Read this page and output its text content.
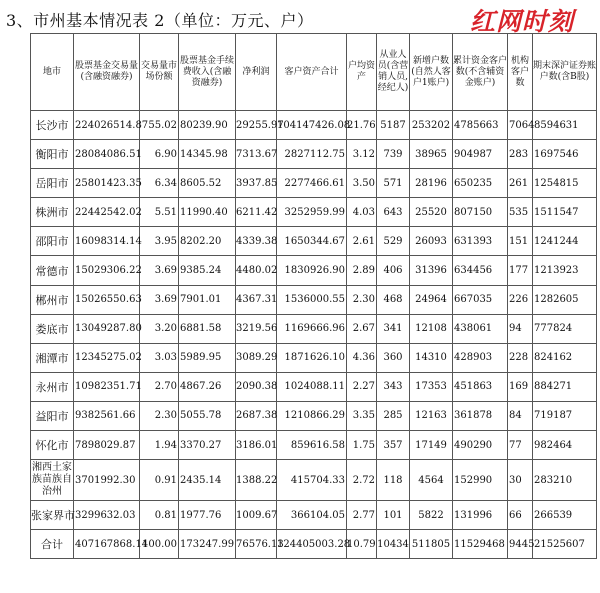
3、市州基本情况表 2（单位：万元、户）	红网时刻
地市	股票基金交易量(含融资融券)	交易量市场份额	股票基金手续费收入(含融资融券)	净利润	客户资产合计	户均资产	从业人员(含营销人员,经纪人)	新增户数(自然人客户1账户)	累计资金客户数(不含辅资金账户)	机构客户数	期末深沪证券账户数(含B股)
长沙市	224026514.87	55.02	80239.90	29255.97	104147426.08	21.76	5187	253202	4785663	7064	8594631
衡阳市	28084086.51	6.90	14345.98	7313.67	2827112.75	3.12	739	38965	904987	283	1697546
岳阳市	25801423.35	6.34	8605.52	3937.85	2277466.61	3.50	571	28196	650235	261	1254815
株洲市	22442542.02	5.51	11990.40	6211.42	3252959.99	4.03	643	25520	807150	535	1511547
邵阳市	16098314.14	3.95	8202.20	4339.38	1650344.67	2.61	529	26093	631393	151	1241244
常德市	15029306.22	3.69	9385.24	4480.02	1830926.90	2.89	406	31396	634456	177	1213923
郴州市	15026550.63	3.69	7901.01	4367.31	1536000.55	2.30	468	24964	667035	226	1282605
娄底市	13049287.80	3.20	6881.58	3219.56	1169666.96	2.67	341	12108	438061	94	777824
湘潭市	12345275.02	3.03	5989.95	3089.29	1871626.10	4.36	360	14310	428903	228	824162
永州市	10982351.71	2.70	4867.26	2090.38	1024088.11	2.27	343	17353	451863	169	884271
益阳市	9382561.66	2.30	5055.78	2687.38	1210866.29	3.35	285	12163	361878	84	719187
怀化市	7898029.87	1.94	3370.27	3186.01	859616.58	1.75	357	17149	490290	77	982464
湘西土家族苗族自治州	3701992.30	0.91	2435.14	1388.22	415704.33	2.72	118	4564	152990	30	283210
张家界市	3299632.03	0.81	1977.76	1009.67	366104.05	2.77	101	5822	131996	66	266539
合计	407167868.14	100.00	173247.99	76576.13	124405003.28	10.79	10434	511805	11529468	9445	21525607
